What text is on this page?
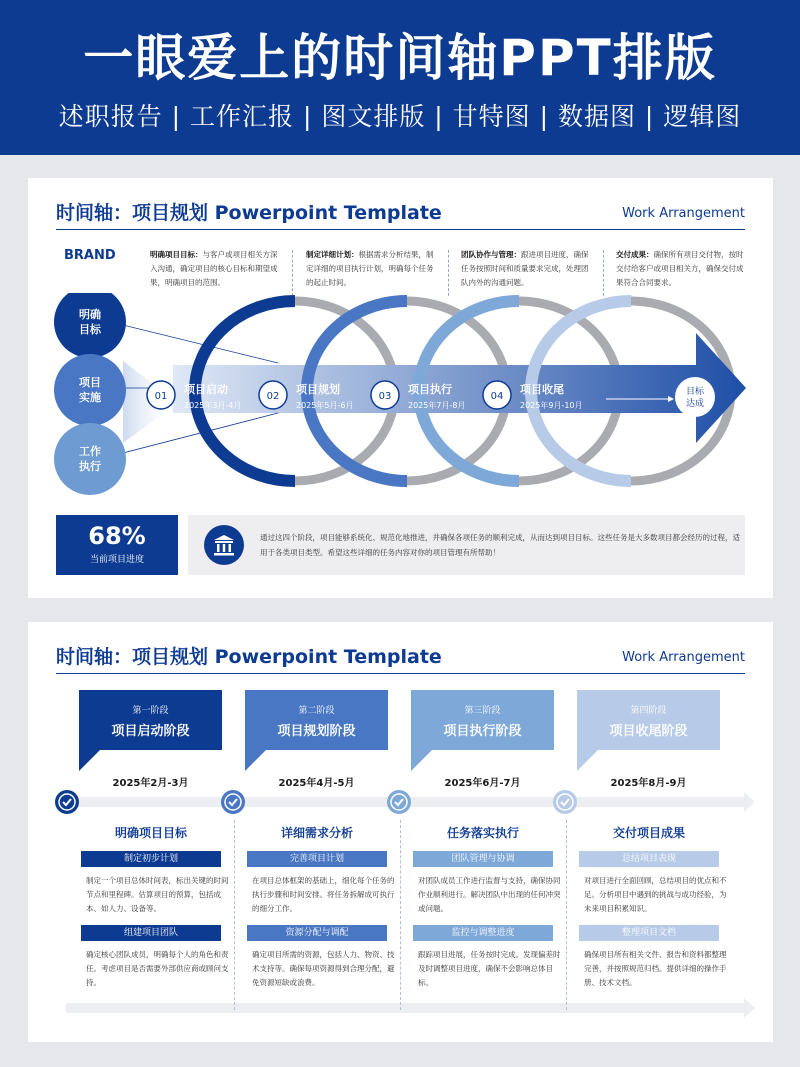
一眼爱上的时间轴PPT排版
述职报告 | 工作汇报 | 图文排版 | 甘特图 | 数据图 | 逻辑图
时间轴：项目规划 Powerpoint Template	Work Arrangement
BRAND	明确项目目标：与客户或项目相关方深入沟通，确定项目的核心目标和期望成果，明确项目的范围。
制定详细计划：根据需求分析结果，制定详细的项目执行计划，明确每个任务的起止时间。
团队协作与管理：跟进项目进度，确保任务按照时间和质量要求完成，处理团队内外的沟通问题。
交付成果：确保所有项目交付物，按时交付给客户或项目相关方，确保交付成果符合合同要求。
明确
目标
项目
实施
工作
执行
01
项目启动
2025年3月-4月
02
项目规划
2025年5月-6月
03
项目执行
2025年7月-8月
04
项目收尾
2025年9月-10月
目标
达成
68%
当前项目进度
通过这四个阶段，项目能够系统化、规范化地推进，并确保各项任务的顺利完成，从而达到项目目标。这些任务是大多数项目都会经历的过程，适用于各类项目类型。希望这些详细的任务内容对你的项目管理有所帮助！
时间轴：项目规划 Powerpoint Template	Work Arrangement
第一阶段
项目启动阶段
2025年2月-3月
明确项目目标
制定初步计划
制定一个项目总体时间表，标出关键的时间节点和里程碑。估算项目的预算，包括成本、如人力、设备等。
组建项目团队
确定核心团队成员，明确每个人的角色和责任。考虑项目是否需要外部供应商或顾问支持。
第二阶段
项目规划阶段
2025年4月-5月
详细需求分析
完善项目计划
在项目总体框架的基础上，细化每个任务的执行步骤和时间安排。将任务拆解成可执行的细分工作。
资源分配与调配
确定项目所需的资源，包括人力、物资、技术支持等。确保每项资源得到合理分配，避免资源短缺或浪费。
第三阶段
项目执行阶段
2025年6月-7月
任务落实执行
团队管理与协调
对团队成员工作进行监督与支持，确保协同作业顺利进行。解决团队中出现的任何冲突或问题。
监控与调整进度
跟踪项目进展，任务按时完成。发现偏差时及时调整项目进度，确保不会影响总体目标。
第四阶段
项目收尾阶段
2025年8月-9月
交付项目成果
总结项目表现
对项目进行全面回顾，总结项目的优点和不足。分析项目中遇到的挑战与成功经验，为未来项目积累知识。
整理项目文档
确保项目所有相关文件、报告和资料都整理完善，并按照规范归档。提供详细的操作手册、技术文档。
